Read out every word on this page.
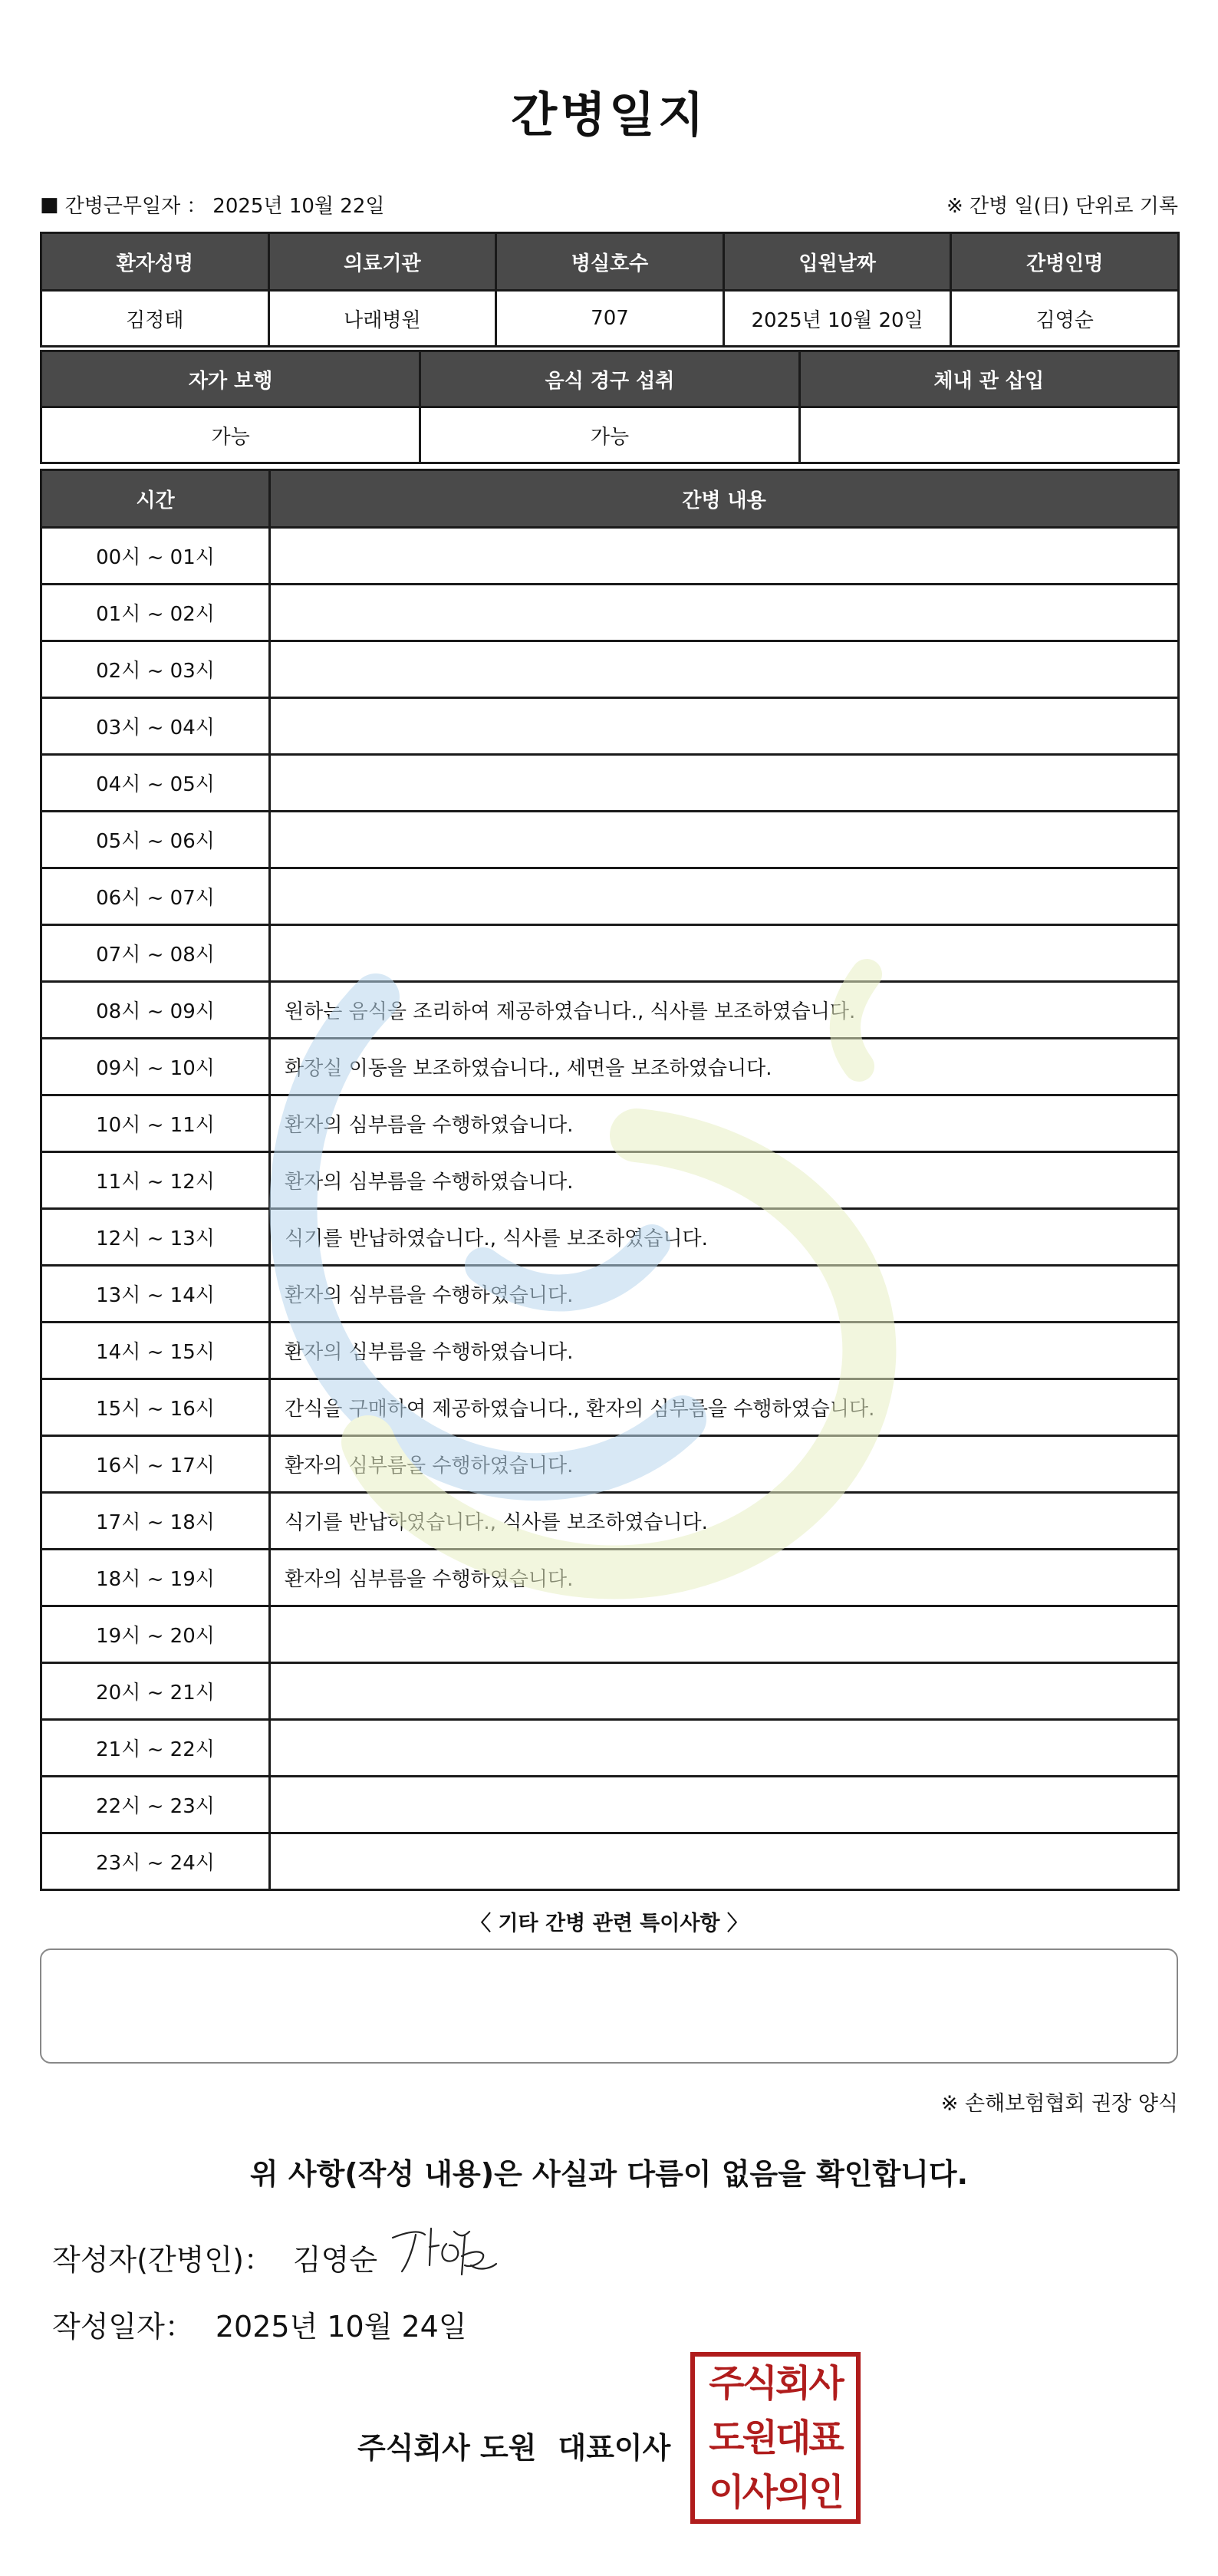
간병일지
■ 간병근무일자 ： 2025년 10월 22일	※ 간병 일(日) 단위로 기록
환자성명	의료기관	병실호수	입원날짜	간병인명
김정태	나래병원	707	2025년 10월 20일	김영순
자가 보행	음식 경구 섭취	체내 관 삽입
가능	가능	
시간	간병 내용
00시 ~ 01시	
01시 ~ 02시	
02시 ~ 03시	
03시 ~ 04시	
04시 ~ 05시	
05시 ~ 06시	
06시 ~ 07시	
07시 ~ 08시	
08시 ~ 09시	원하는 음식을 조리하여 제공하였습니다., 식사를 보조하였습니다.
09시 ~ 10시	화장실 이동을 보조하였습니다., 세면을 보조하였습니다.
10시 ~ 11시	환자의 심부름을 수행하였습니다.
11시 ~ 12시	환자의 심부름을 수행하였습니다.
12시 ~ 13시	식기를 반납하였습니다., 식사를 보조하였습니다.
13시 ~ 14시	환자의 심부름을 수행하였습니다.
14시 ~ 15시	환자의 심부름을 수행하였습니다.
15시 ~ 16시	간식을 구매하여 제공하였습니다., 환자의 심부름을 수행하였습니다.
16시 ~ 17시	환자의 심부름을 수행하였습니다.
17시 ~ 18시	식기를 반납하였습니다., 식사를 보조하였습니다.
18시 ~ 19시	환자의 심부름을 수행하였습니다.
19시 ~ 20시	
20시 ~ 21시	
21시 ~ 22시	
22시 ~ 23시	
23시 ~ 24시	
〈 기타 간병 관련 특이사항 〉
※ 손해보험협회 권장 양식
위 사항(작성 내용)은 사실과 다름이 없음을 확인합니다.
작성자(간병인)： 김영순
작성일자： 2025년 10월 24일
주식회사 도원 대표이사
주식회사
도원대표
이사의인
